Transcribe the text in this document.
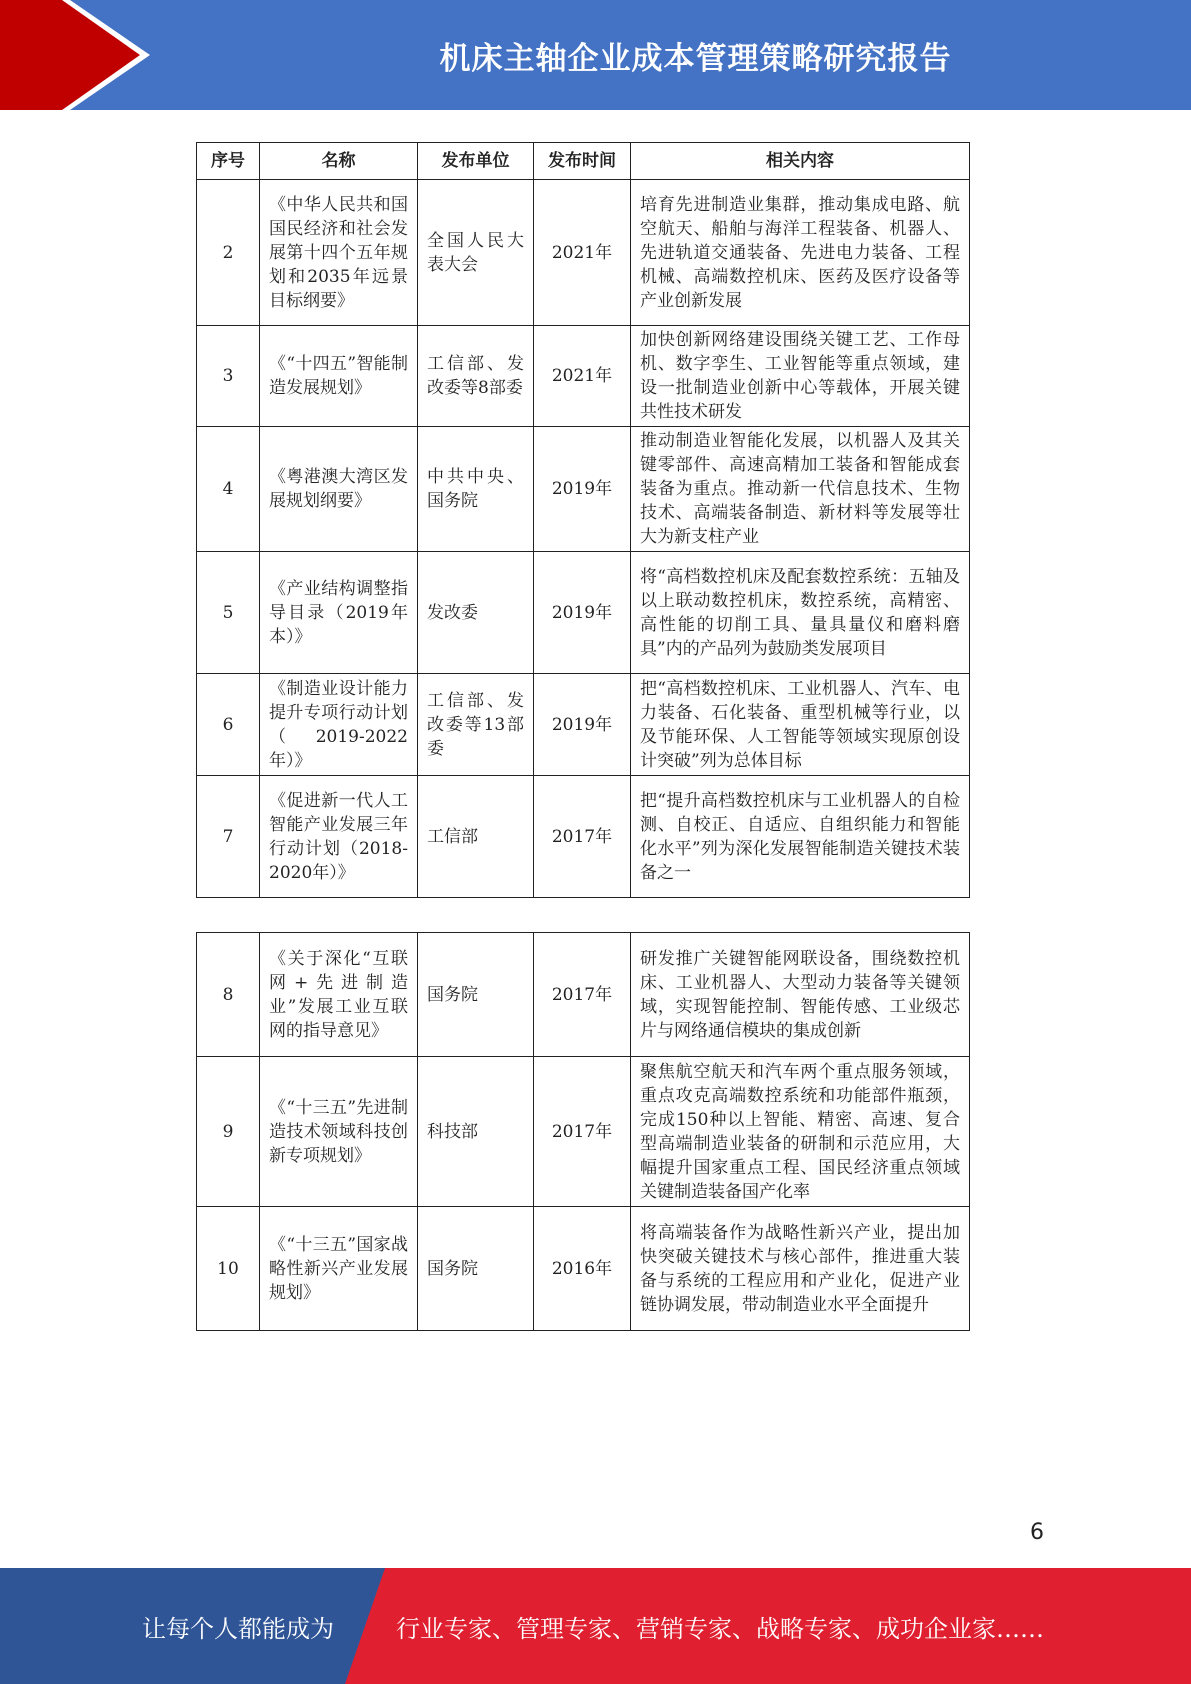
机床主轴企业成本管理策略研究报告
序号	名称	发布单位	发布时间	相关内容
2	《中华人民共和国国民经济和社会发展第十四个五年规划和2035年远景目标纲要》	全国人民大表大会	2021年	培育先进制造业集群，推动集成电路、航空航天、船舶与海洋工程装备、机器人、先进轨道交通装备、先进电力装备、工程机械、高端数控机床、医药及医疗设备等产业创新发展
3	《“十四五”智能制造发展规划》	工信部、发改委等8部委	2021年	加快创新网络建设围绕关键工艺、工作母机、数字孪生、工业智能等重点领域，建设一批制造业创新中心等载体，开展关键共性技术研发
4	《粤港澳大湾区发展规划纲要》	中共中央、国务院	2019年	推动制造业智能化发展，以机器人及其关键零部件、高速高精加工装备和智能成套装备为重点。推动新一代信息技术、生物技术、高端装备制造、新材料等发展等壮大为新支柱产业
5	《产业结构调整指导目录（2019年本）》	发改委	2019年	将“高档数控机床及配套数控系统：五轴及以上联动数控机床，数控系统，高精密、高性能的切削工具、量具量仪和磨料磨具”内的产品列为鼓励类发展项目
6	《制造业设计能力提升专项行动计划（2019-2022年）》	工信部、发改委等13部委	2019年	把“高档数控机床、工业机器人、汽车、电力装备、石化装备、重型机械等行业，以及节能环保、人工智能等领域实现原创设计突破”列为总体目标
7	《促进新一代人工智能产业发展三年行动计划（2018-2020年）》	工信部	2017年	把“提升高档数控机床与工业机器人的自检测、自校正、自适应、自组织能力和智能化水平”列为深化发展智能制造关键技术装备之一
8	《关于深化“互联网+先进制造业”发展工业互联网的指导意见》	国务院	2017年	研发推广关键智能网联设备，围绕数控机床、工业机器人、大型动力装备等关键领域，实现智能控制、智能传感、工业级芯片与网络通信模块的集成创新
9	《“十三五”先进制造技术领域科技创新专项规划》	科技部	2017年	聚焦航空航天和汽车两个重点服务领域，重点攻克高端数控系统和功能部件瓶颈，完成150种以上智能、精密、高速、复合型高端制造业装备的研制和示范应用，大幅提升国家重点工程、国民经济重点领域关键制造装备国产化率
10	《“十三五”国家战略性新兴产业发展规划》	国务院	2016年	将高端装备作为战略性新兴产业，提出加快突破关键技术与核心部件，推进重大装备与系统的工程应用和产业化，促进产业链协调发展，带动制造业水平全面提升
6
让每个人都能成为	行业专家、管理专家、营销专家、战略专家、成功企业家……
